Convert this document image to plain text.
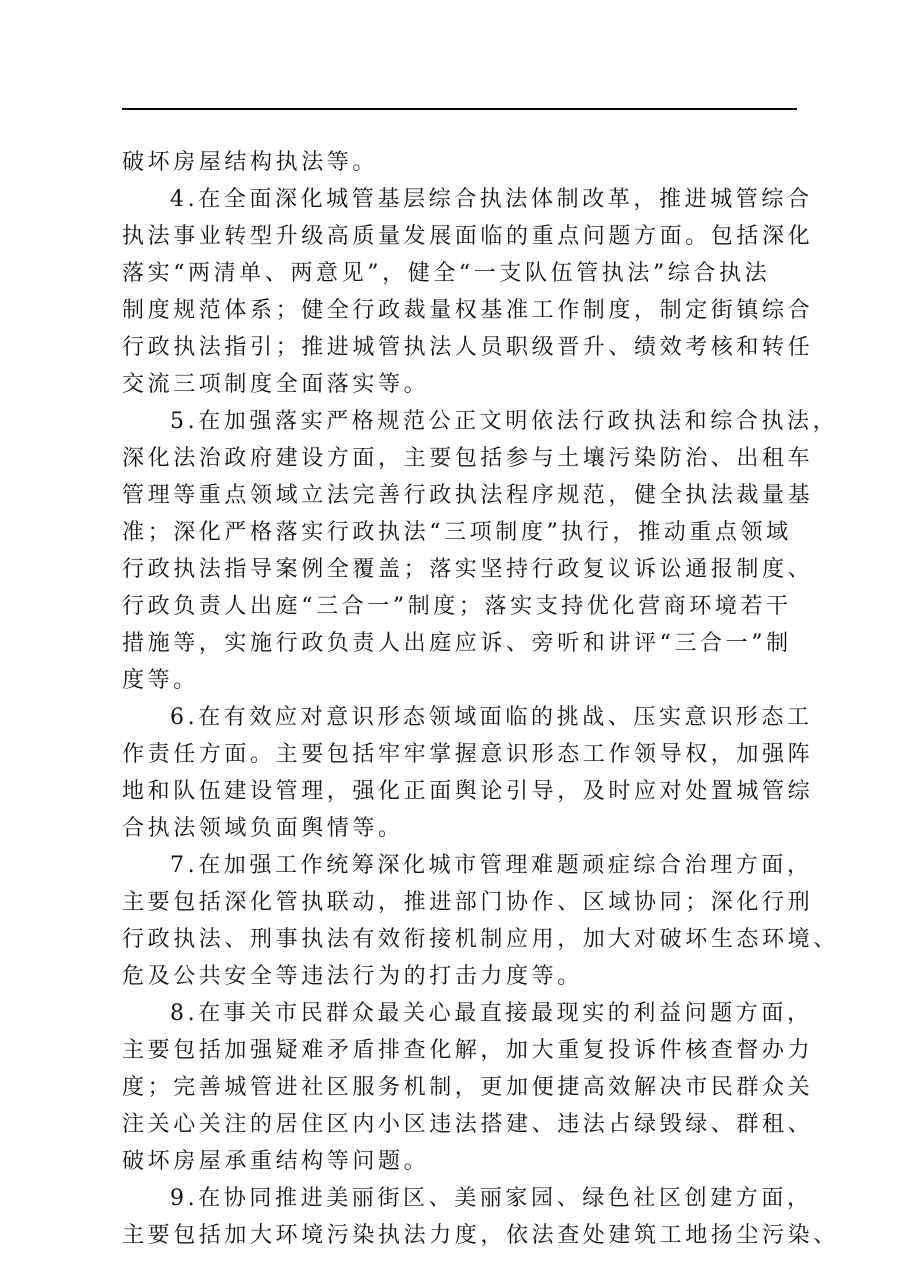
破坏房屋结构执法等。
4.在全面深化城管基层综合执法体制改革，推进城管综合
执法事业转型升级高质量发展面临的重点问题方面。包括深化
落实“两清单、两意见”，健全“一支队伍管执法”综合执法
制度规范体系；健全行政裁量权基准工作制度，制定街镇综合
行政执法指引；推进城管执法人员职级晋升、绩效考核和转任
交流三项制度全面落实等。
5.在加强落实严格规范公正文明依法行政执法和综合执法，
深化法治政府建设方面，主要包括参与土壤污染防治、出租车
管理等重点领域立法完善行政执法程序规范，健全执法裁量基
准；深化严格落实行政执法“三项制度”执行，推动重点领域
行政执法指导案例全覆盖；落实坚持行政复议诉讼通报制度、
行政负责人出庭“三合一”制度；落实支持优化营商环境若干
措施等，实施行政负责人出庭应诉、旁听和讲评“三合一”制
度等。
6.在有效应对意识形态领域面临的挑战、压实意识形态工
作责任方面。主要包括牢牢掌握意识形态工作领导权，加强阵
地和队伍建设管理，强化正面舆论引导，及时应对处置城管综
合执法领域负面舆情等。
7.在加强工作统筹深化城市管理难题顽症综合治理方面，
主要包括深化管执联动，推进部门协作、区域协同；深化行刑
行政执法、刑事执法有效衔接机制应用，加大对破坏生态环境、
危及公共安全等违法行为的打击力度等。
8.在事关市民群众最关心最直接最现实的利益问题方面，
主要包括加强疑难矛盾排查化解，加大重复投诉件核查督办力
度；完善城管进社区服务机制，更加便捷高效解决市民群众关
注关心关注的居住区内小区违法搭建、违法占绿毁绿、群租、
破坏房屋承重结构等问题。
9.在协同推进美丽街区、美丽家园、绿色社区创建方面，
主要包括加大环境污染执法力度，依法查处建筑工地扬尘污染、
